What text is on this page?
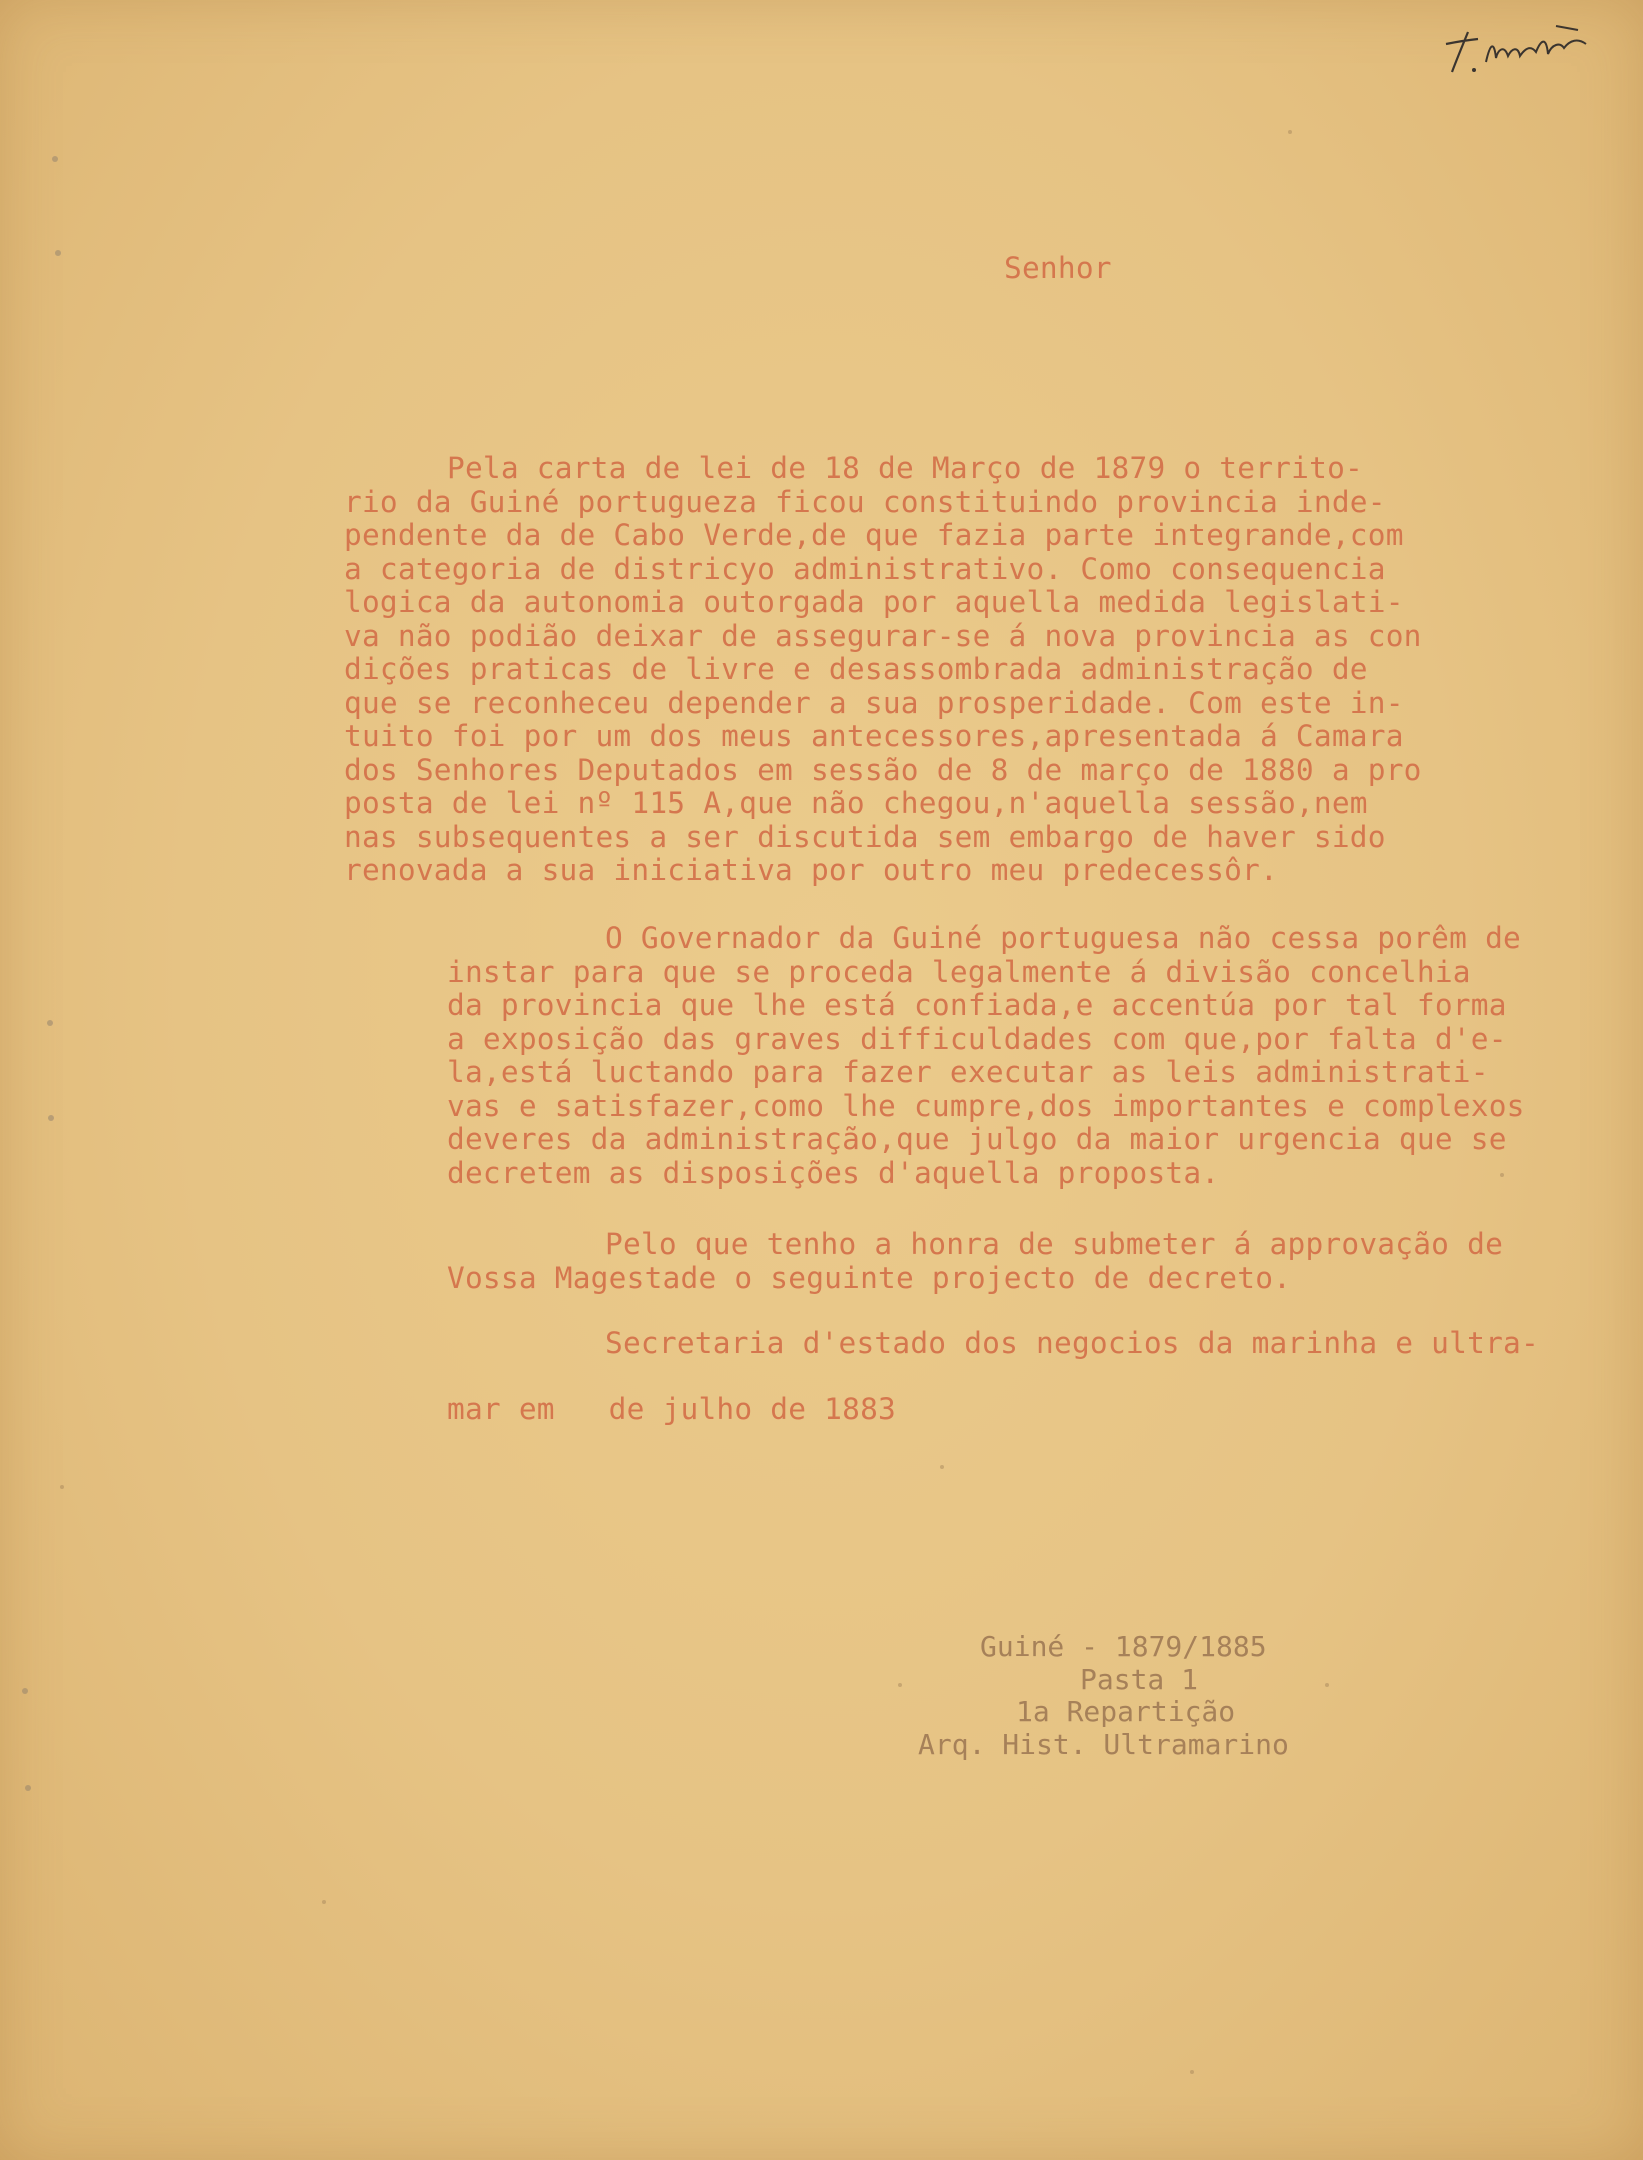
Senhor
Pela carta de lei de 18 de Março de 1879 o territo-
rio da Guiné portugueza ficou constituindo provincia inde-
pendente da de Cabo Verde,de que fazia parte integrande,com
a categoria de districyo administrativo. Como consequencia
logica da autonomia outorgada por aquella medida legislati-
va não podião deixar de assegurar-se á nova provincia as con
dições praticas de livre e desassombrada administração de
que se reconheceu depender a sua prosperidade. Com este in-
tuito foi por um dos meus antecessores,apresentada á Camara
dos Senhores Deputados em sessão de 8 de março de 1880 a pro
posta de lei nº 115 A,que não chegou,n'aquella sessão,nem
nas subsequentes a ser discutida sem embargo de haver sido
renovada a sua iniciativa por outro meu predecessôr.
O Governador da Guiné portuguesa não cessa porêm de
instar para que se proceda legalmente á divisão concelhia
da provincia que lhe está confiada,e accentúa por tal forma
a exposição das graves difficuldades com que,por falta d'e-
la,está luctando para fazer executar as leis administrati-
vas e satisfazer,como lhe cumpre,dos importantes e complexos
deveres da administração,que julgo da maior urgencia que se
decretem as disposições d'aquella proposta.
Pelo que tenho a honra de submeter á approvação de
Vossa Magestade o seguinte projecto de decreto.
Secretaria d'estado dos negocios da marinha e ultra-
mar em   de julho de 1883
Guiné - 1879/1885
Pasta 1
1a Repartição
Arq. Hist. Ultramarino
